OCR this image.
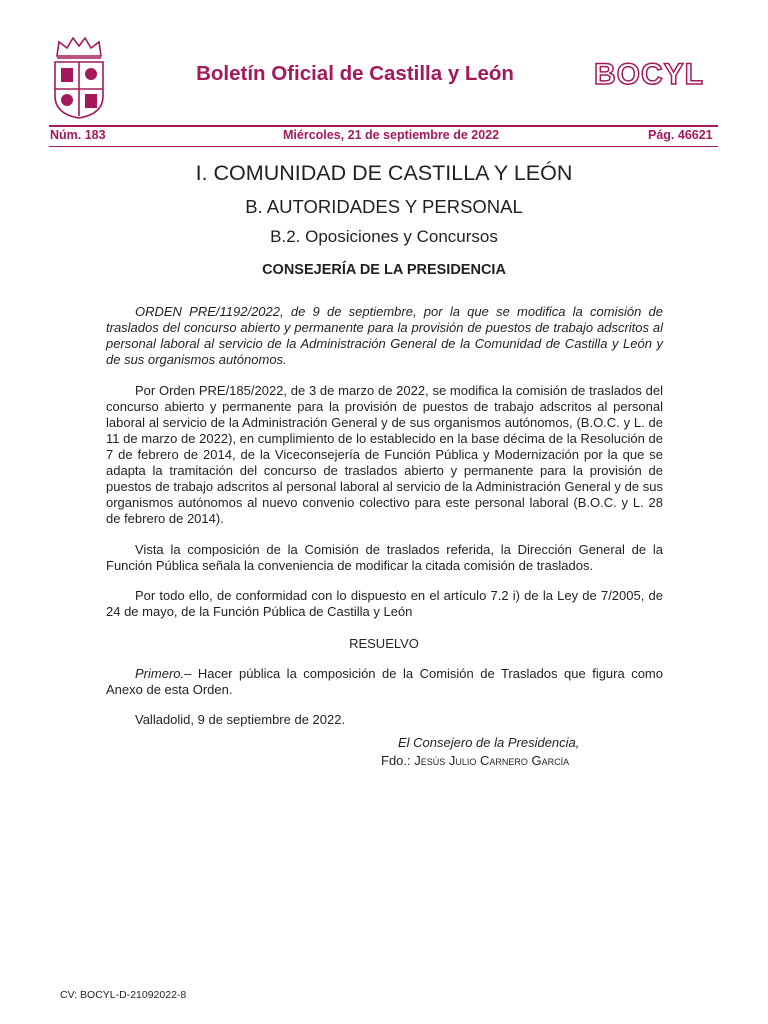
Boletín Oficial de Castilla y León	BOCYL
Núm. 183	Miércoles, 21 de septiembre de 2022	Pág. 46621
I. COMUNIDAD DE CASTILLA Y LEÓN
B. AUTORIDADES Y PERSONAL
B.2. Oposiciones y Concursos
CONSEJERÍA DE LA PRESIDENCIA

ORDEN PRE/1192/2022, de 9 de septiembre, por la que se modifica la comisión de traslados del concurso abierto y permanente para la provisión de puestos de trabajo adscritos al personal laboral al servicio de la Administración General de la Comunidad de Castilla y León y de sus organismos autónomos.

Por Orden PRE/185/2022, de 3 de marzo de 2022, se modifica la comisión de traslados del concurso abierto y permanente para la provisión de puestos de trabajo adscritos al personal laboral al servicio de la Administración General y de sus organismos autónomos, (B.O.C. y L. de 11 de marzo de 2022), en cumplimiento de lo establecido en la base décima de la Resolución de 7 de febrero de 2014, de la Viceconsejería de Función Pública y Modernización por la que se adapta la tramitación del concurso de traslados abierto y permanente para la provisión de puestos de trabajo adscritos al personal laboral al servicio de la Administración General y de sus organismos autónomos al nuevo convenio colectivo para este personal laboral (B.O.C. y L. 28 de febrero de 2014).

Vista la composición de la Comisión de traslados referida, la Dirección General de la Función Pública señala la conveniencia de modificar la citada comisión de traslados.

Por todo ello, de conformidad con lo dispuesto en el artículo 7.2 i) de la Ley de 7/2005, de 24 de mayo, de la Función Pública de Castilla y León

RESUELVO

Primero.– Hacer pública la composición de la Comisión de Traslados que figura como Anexo de esta Orden.

Valladolid, 9 de septiembre de 2022.
El Consejero de la Presidencia,
Fdo.: Jesús Julio Carnero García
CV: BOCYL-D-21092022-8
